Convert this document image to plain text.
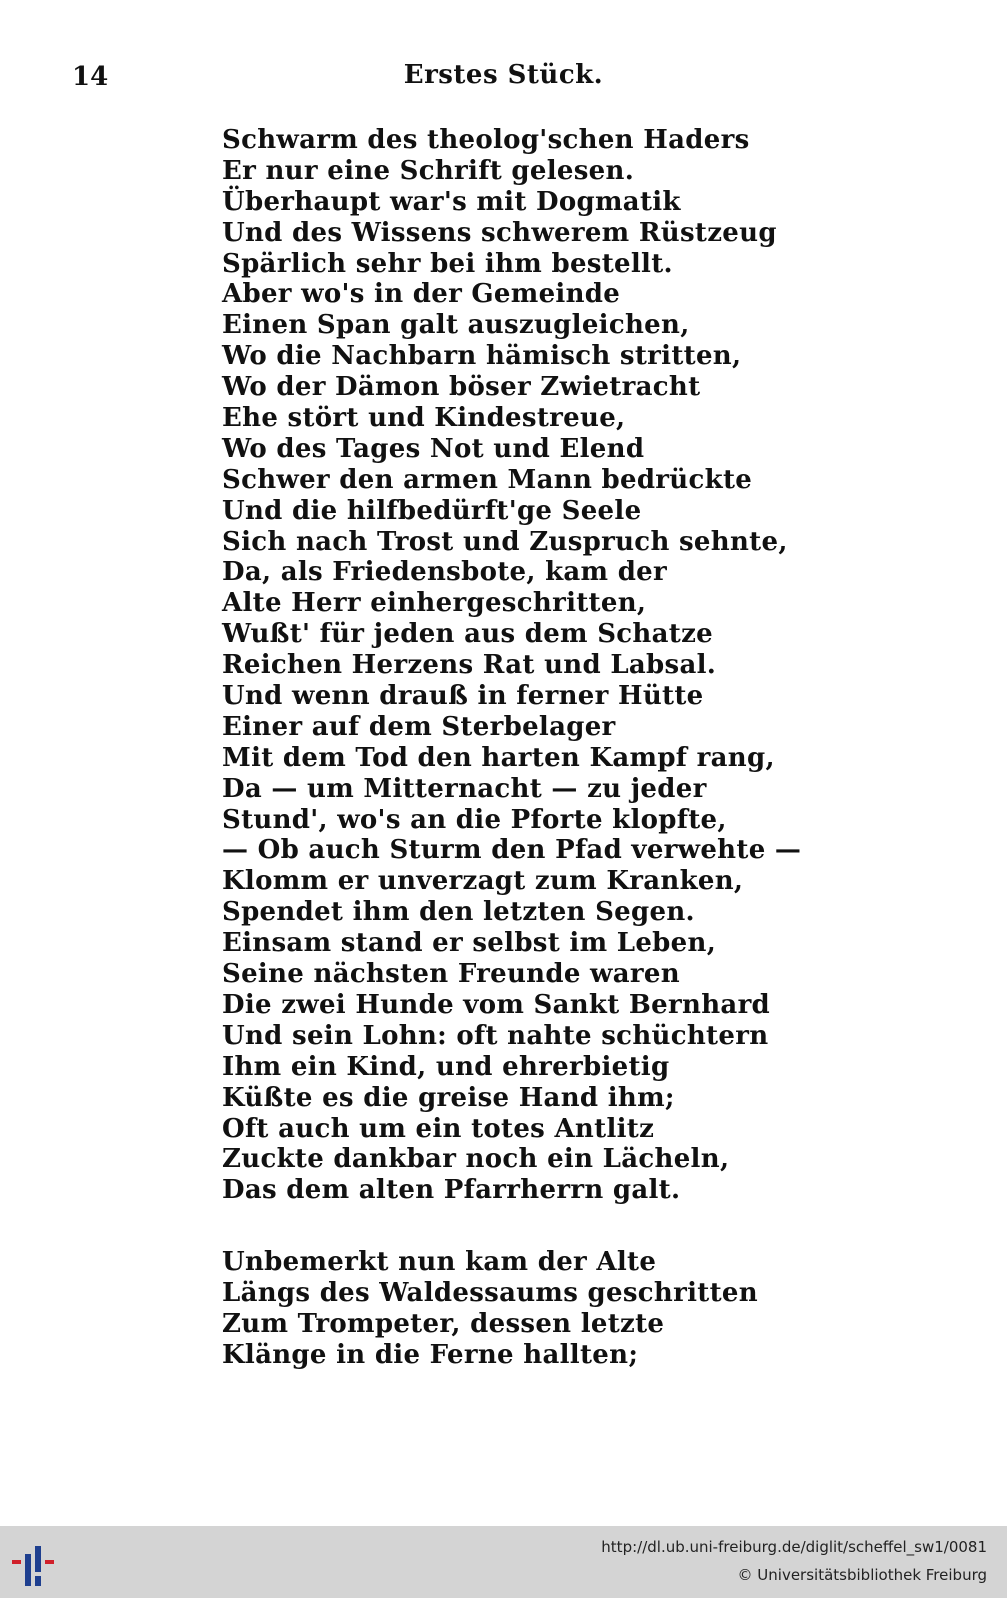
14	Erstes Stück.
Schwarm des theolog'schen Haders
Er nur eine Schrift gelesen.
Überhaupt war's mit Dogmatik
Und des Wissens schwerem Rüstzeug
Spärlich sehr bei ihm bestellt.
Aber wo's in der Gemeinde
Einen Span galt auszugleichen,
Wo die Nachbarn hämisch stritten,
Wo der Dämon böser Zwietracht
Ehe stört und Kindestreue,
Wo des Tages Not und Elend
Schwer den armen Mann bedrückte
Und die hilfbedürft'ge Seele
Sich nach Trost und Zuspruch sehnte,
Da, als Friedensbote, kam der
Alte Herr einhergeschritten,
Wußt' für jeden aus dem Schatze
Reichen Herzens Rat und Labsal.
Und wenn drauß in ferner Hütte
Einer auf dem Sterbelager
Mit dem Tod den harten Kampf rang,
Da — um Mitternacht — zu jeder
Stund', wo's an die Pforte klopfte,
— Ob auch Sturm den Pfad verwehte —
Klomm er unverzagt zum Kranken,
Spendet ihm den letzten Segen.
Einsam stand er selbst im Leben,
Seine nächsten Freunde waren
Die zwei Hunde vom Sankt Bernhard
Und sein Lohn: oft nahte schüchtern
Ihm ein Kind, und ehrerbietig
Küßte es die greise Hand ihm;
Oft auch um ein totes Antlitz
Zuckte dankbar noch ein Lächeln,
Das dem alten Pfarrherrn galt.
Unbemerkt nun kam der Alte
Längs des Waldessaums geschritten
Zum Trompeter, dessen letzte
Klänge in die Ferne hallten;
http://dl.ub.uni-freiburg.de/diglit/scheffel_sw1/0081
© Universitätsbibliothek Freiburg
